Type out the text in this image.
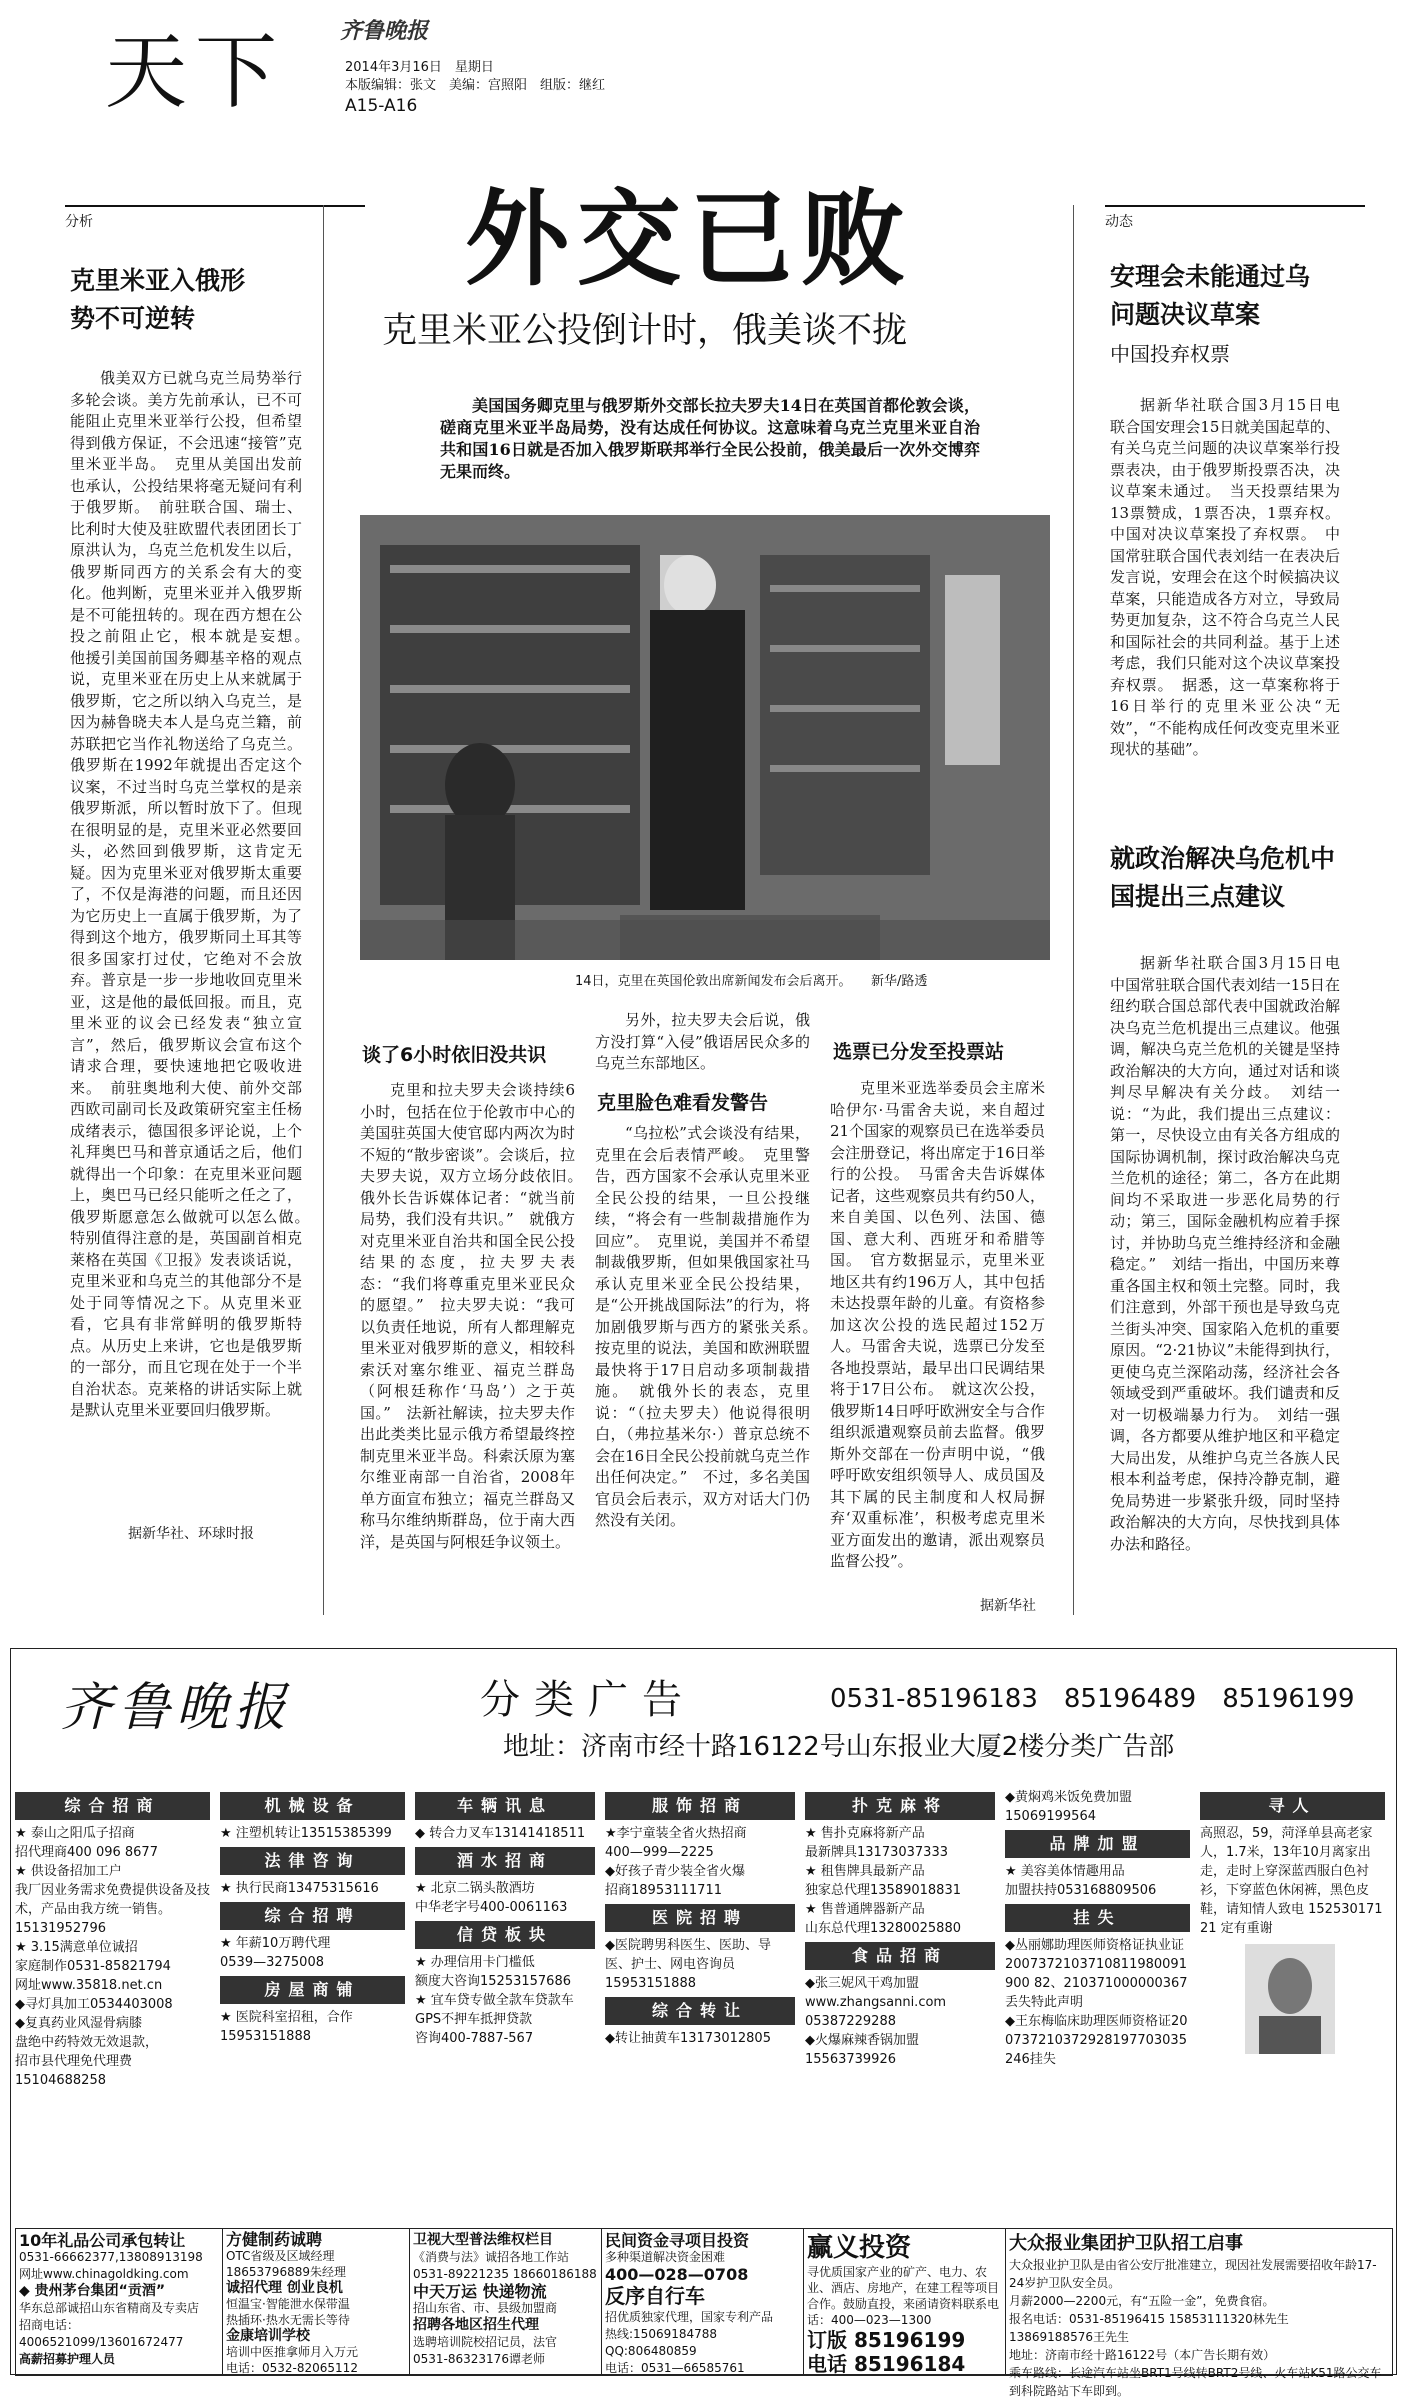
天下 齐鲁晚报
2014年3月16日　星期日
本版编辑：张文　美编：宫照阳　组版：继红
A15-A16
分析
克里米亚入俄形势不可逆转
俄美双方已就乌克兰局势举行多轮会谈。美方先前承认，已不可能阻止克里米亚举行公投，但希望得到俄方保证，不会迅速“接管”克里米亚半岛。　克里从美国出发前也承认，公投结果将毫无疑问有利于俄罗斯。　前驻联合国、瑞士、比利时大使及驻欧盟代表团团长丁原洪认为，乌克兰危机发生以后，俄罗斯同西方的关系会有大的变化。他判断，克里米亚并入俄罗斯是不可能扭转的。现在西方想在公投之前阻止它，根本就是妄想。　他援引美国前国务卿基辛格的观点说，克里米亚在历史上从来就属于俄罗斯，它之所以纳入乌克兰，是因为赫鲁晓夫本人是乌克兰籍，前苏联把它当作礼物送给了乌克兰。俄罗斯在1992年就提出否定这个议案，不过当时乌克兰掌权的是亲俄罗斯派，所以暂时放下了。但现在很明显的是，克里米亚必然要回头，必然回到俄罗斯，这肯定无疑。因为克里米亚对俄罗斯太重要了，不仅是海港的问题，而且还因为它历史上一直属于俄罗斯，为了得到这个地方，俄罗斯同土耳其等很多国家打过仗，它绝对不会放弃。普京是一步一步地收回克里米亚，这是他的最低回报。而且，克里米亚的议会已经发表“独立宣言”，然后，俄罗斯议会宣布这个请求合理，要快速地把它吸收进来。　前驻奥地利大使、前外交部西欧司副司长及政策研究室主任杨成绪表示，德国很多评论说，上个礼拜奥巴马和普京通话之后，他们就得出一个印象：在克里米亚问题上，奥巴马已经只能听之任之了，俄罗斯愿意怎么做就可以怎么做。　特别值得注意的是，英国副首相克莱格在英国《卫报》发表谈话说，克里米亚和乌克兰的其他部分不是处于同等情况之下。从克里米亚看，它具有非常鲜明的俄罗斯特点。从历史上来讲，它也是俄罗斯的一部分，而且它现在处于一个半自治状态。克莱格的讲话实际上就是默认克里米亚要回归俄罗斯。
据新华社、环球时报
外交已败
克里米亚公投倒计时，俄美谈不拢
美国国务卿克里与俄罗斯外交部长拉夫罗夫14日在英国首都伦敦会谈，磋商克里米亚半岛局势，没有达成任何协议。这意味着乌克兰克里米亚自治共和国16日就是否加入俄罗斯联邦举行全民公投前，俄美最后一次外交博弈无果而终。
14日，克里在英国伦敦出席新闻发布会后离开。　　新华/路透
谈了6小时依旧没共识
克里和拉夫罗夫会谈持续6小时，包括在位于伦敦市中心的美国驻英国大使官邸内两次为时不短的“散步密谈”。会谈后，拉夫罗夫说，双方立场分歧依旧。　俄外长告诉媒体记者：“就当前局势，我们没有共识。”　就俄方对克里米亚自治共和国全民公投结果的态度，拉夫罗夫表态：“我们将尊重克里米亚民众的愿望。”　拉夫罗夫说：“我可以负责任地说，所有人都理解克里米亚对俄罗斯的意义，相较科索沃对塞尔维亚、福克兰群岛（阿根廷称作‘马岛’）之于英国。”　法新社解读，拉夫罗夫作出此类类比显示俄方希望最终控制克里米亚半岛。科索沃原为塞尔维亚南部一自治省，2008年单方面宣布独立；福克兰群岛又称马尔维纳斯群岛，位于南大西洋，是英国与阿根廷争议领土。
另外，拉夫罗夫会后说，俄方没打算“入侵”俄语居民众多的乌克兰东部地区。
克里脸色难看发警告
“乌拉松”式会谈没有结果，克里在会后表情严峻。　克里警告，西方国家不会承认克里米亚全民公投的结果，一旦公投继续，“将会有一些制裁措施作为回应”。　克里说，美国并不希望制裁俄罗斯，但如果俄国家社马承认克里米亚全民公投结果，是“公开挑战国际法”的行为，将加剧俄罗斯与西方的紧张关系。　按克里的说法，美国和欧洲联盟最快将于17日启动多项制裁措施。　就俄外长的表态，克里说：“（拉夫罗夫）他说得很明白，（弗拉基米尔·）普京总统不会在16日全民公投前就乌克兰作出任何决定。”　不过，多名美国官员会后表示，双方对话大门仍然没有关闭。
选票已分发至投票站
克里米亚选举委员会主席米哈伊尔·马雷舍夫说，来自超过21个国家的观察员已在选举委员会注册登记，将出席定于16日举行的公投。　马雷舍夫告诉媒体记者，这些观察员共有约50人，来自美国、以色列、法国、德国、意大利、西班牙和希腊等国。　官方数据显示，克里米亚地区共有约196万人，其中包括未达投票年龄的儿童。有资格参加这次公投的选民超过152万人。马雷舍夫说，选票已分发至各地投票站，最早出口民调结果将于17日公布。　就这次公投，俄罗斯14日呼吁欧洲安全与合作组织派遣观察员前去监督。俄罗斯外交部在一份声明中说，“俄呼吁欧安组织领导人、成员国及其下属的民主制度和人权局摒弃‘双重标准’，积极考虑克里米亚方面发出的邀请，派出观察员监督公投”。
据新华社
动态
安理会未能通过乌问题决议草案
中国投弃权票
据新华社联合国3月15日电　联合国安理会15日就美国起草的、有关乌克兰问题的决议草案举行投票表决，由于俄罗斯投票否决，决议草案未通过。　当天投票结果为13票赞成，1票否决，1票弃权。中国对决议草案投了弃权票。　中国常驻联合国代表刘结一在表决后发言说，安理会在这个时候搞决议草案，只能造成各方对立，导致局势更加复杂，这不符合乌克兰人民和国际社会的共同利益。基于上述考虑，我们只能对这个决议草案投弃权票。　据悉，这一草案称将于16日举行的克里米亚公决“无效”，“不能构成任何改变克里米亚现状的基础”。
就政治解决乌危机中国提出三点建议
据新华社联合国3月15日电　中国常驻联合国代表刘结一15日在纽约联合国总部代表中国就政治解决乌克兰危机提出三点建议。他强调，解决乌克兰危机的关键是坚持政治解决的大方向，通过对话和谈判尽早解决有关分歧。　刘结一说：“为此，我们提出三点建议：第一，尽快设立由有关各方组成的国际协调机制，探讨政治解决乌克兰危机的途径；第二，各方在此期间均不采取进一步恶化局势的行动；第三，国际金融机构应着手探讨，并协助乌克兰维持经济和金融稳定。”　刘结一指出，中国历来尊重各国主权和领土完整。同时，我们注意到，外部干预也是导致乌克兰街头冲突、国家陷入危机的重要原因。“2·21协议”未能得到执行，更使乌克兰深陷动荡，经济社会各领域受到严重破坏。我们谴责和反对一切极端暴力行为。　刘结一强调，各方都要从维护地区和平稳定大局出发，从维护乌克兰各族人民根本利益考虑，保持冷静克制，避免局势进一步紧张升级，同时坚持政治解决的大方向，尽快找到具体办法和路径。
齐鲁晚报	分类广告	0531-85196183　85196489　85196199
地址：济南市经十路16122号山东报业大厦2楼分类广告部
综合招商

★ 泰山之阳瓜子招商

招代理商400 096 8677

★ 供设备招加工户

我厂因业务需求免费提供设备及技术，产品由我方统一销售。15131952796

★ 3.15满意单位诚招

家庭制作0531-85821794

网址www.35818.net.cn

◆寻灯具加工0534403008

◆复真药业风湿骨病膝

盘绝中药特效无效退款，

招市县代理免代理费

15104688258

机械设备

★ 注塑机转让13515385399

法律咨询

★ 执行民商13475315616

综合招聘

★ 年薪10万聘代理

0539—3275008

房屋商铺

★ 医院科室招租，合作

15953151888

车辆讯息

◆ 转合力叉车13141418511

酒水招商

★ 北京二锅头散酒坊

中华老字号400-0061163

信贷板块

★ 办理信用卡门槛低

额度大咨询15253157686

★ 宜车贷专做全款车贷款车

GPS不押车抵押贷款

咨询400-7887-567

服饰招商

★李宁童装全省火热招商

400—999—2225

◆好孩子青少装全省火爆

招商18953111711

医院招聘

◆医院聘男科医生、医助、导医、护士、网电咨询员

15953151888

综合转让

◆转让抽黄车13173012805

扑克麻将

★ 售扑克麻将新产品

最新牌具13173037333

★ 租售牌具最新产品

独家总代理13589018831

★ 售普通牌器新产品

山东总代理13280025880

食品招商

◆张三妮风干鸡加盟

www.zhangsanni.com

05387229288

◆火爆麻辣香锅加盟

15563739926

◆黄焖鸡米饭免费加盟

15069199564

品牌加盟

★ 美容美体情趣用品

加盟扶持053168809506

挂失

◆丛丽娜助理医师资格证执业证

2007372103710811980091900 82、210371000000367丢失特此声明

◆王东梅临床助理医师资格证200737210372928197703035246挂失

寻人

高照忍，59，菏泽单县高老家人，1.7米，13年10月离家出走，走时上穿深蓝西服白色衬衫，下穿蓝色休闲裤，黑色皮鞋，请知情人致电 15253017121 定有重谢

10年礼品公司承包转让
0531-66662377,13808913198
网址www.chinagoldking.com
◆ 贵州茅台集团“贡酒”
华东总部诚招山东省精商及专卖店
招商电话：4006521099/13601672477
高薪招募护理人员
方健制药诚聘
OTC省级及区域经理
18653796889朱经理
诚招代理 创业良机
恒温宝·智能泄水保带温
热插环·热水无需长等待
金康培训学校
培训中医推拿师月入万元
电话：0532-82065112
卫视大型普法维权栏目
《消费与法》诚招各地工作站
0531-89221235 18660186188
中天万运 快递物流
招山东省、市、县级加盟商
招聘各地区招生代理
选聘培训院校招记员，法官
0531-86323176谭老师
民间资金寻项目投资
多种渠道解决资金困难
400—028—0708
反序自行车
招优质独家代理，国家专利产品
热线:15069184788 QQ:806480859
电话：0531—66585761
赢义投资
寻优质国家产业的矿产、电力、农业、酒店、房地产，在建工程等项目合作。鼓励直投，来函请资料联系电话：400—023—1300
订版 85196199
电话 85196184
大众报业集团护卫队招工启事
大众报业护卫队是由省公安厅批准建立，现因社发展需要招收年龄17-24岁护卫队安全员。
月薪2000—2200元，有“五险一金”，免费食宿。
报名电话：0531-85196415 15853111320林先生
13869188576王先生
地址：济南市经十路16122号（本广告长期有效）
乘车路线：长途汽车站坐BRT1号线转BRT2号线、火车站K51路公交车到科院路站下车即到。
